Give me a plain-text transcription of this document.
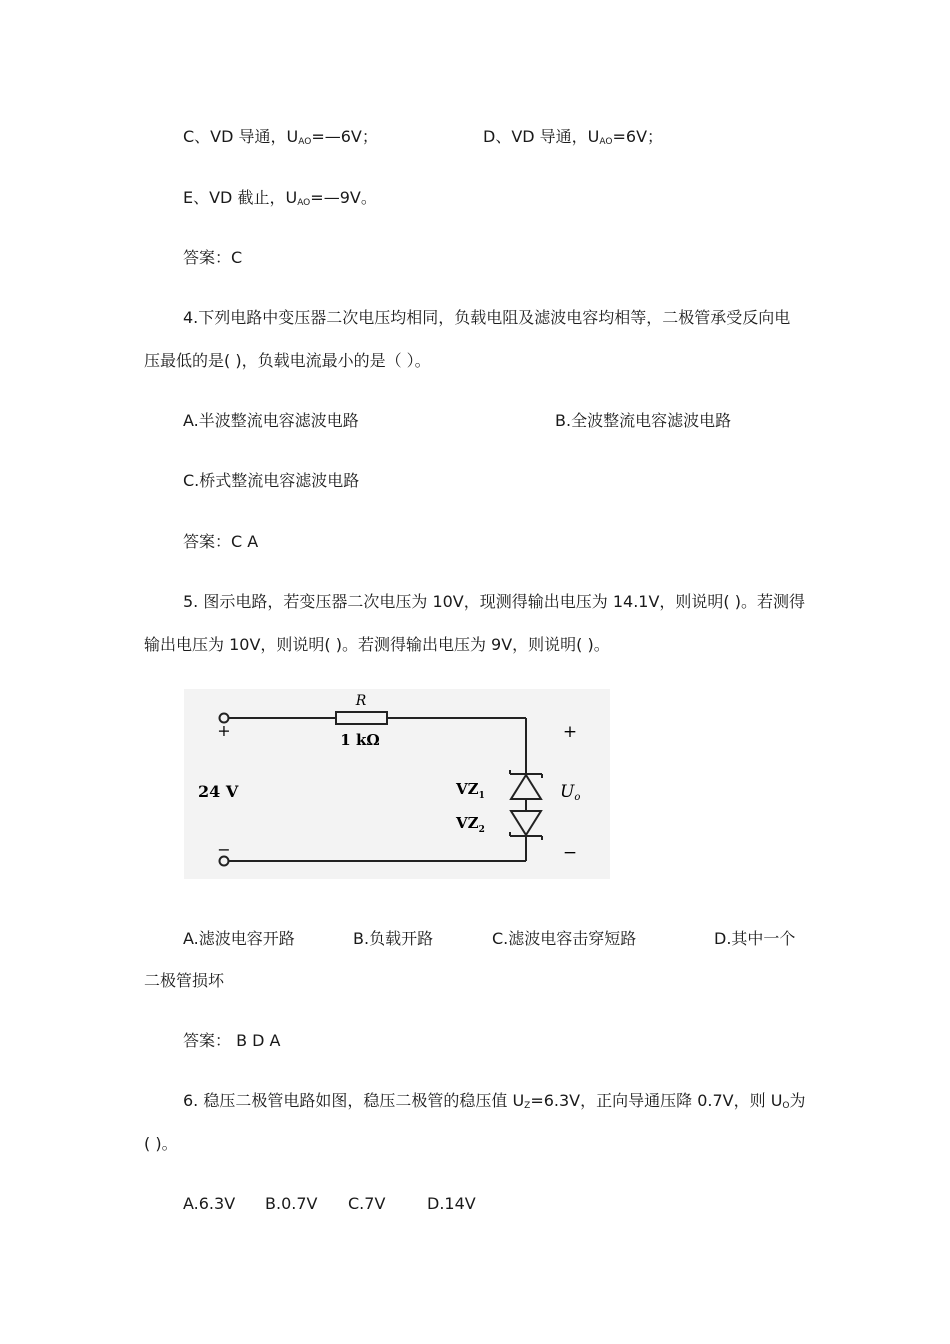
C、VD 导通，$U_{AO}=—6V$；	D、VD 导通，$U_{AO}=6V$；
E、VD 截止，$U_{AO}=—9V$。
答案：C
4.下列电路中变压器二次电压均相同，负载电阻及滤波电容均相等，二极管承受反向电
压最低的是( )，负载电流最小的是（ ）。
A.半波整流电容滤波电路	B.全波整流电容滤波电路
C.桥式整流电容滤波电路
答案：C A
5. 图示电路，若变压器二次电压为 10V，现测得输出电压为 14.1V，则说明( )。若测得
输出电压为 10V，则说明( )。若测得输出电压为 9V，则说明( )。
+
−
R
1 kΩ
24 V	$VZ_1$
$VZ_2$
+
−
Uo
A.滤波电容开路	B.负载开路	C.滤波电容击穿短路	D.其中一个
二极管损坏
答案： B D A
6. 稳压二极管电路如图，稳压二极管的稳压值 $U_Z=6.3V$，正向导通压降 0.7V，则 $U_O$为
( )。
A.6.3V B.0.7V C.7V	D.14V
